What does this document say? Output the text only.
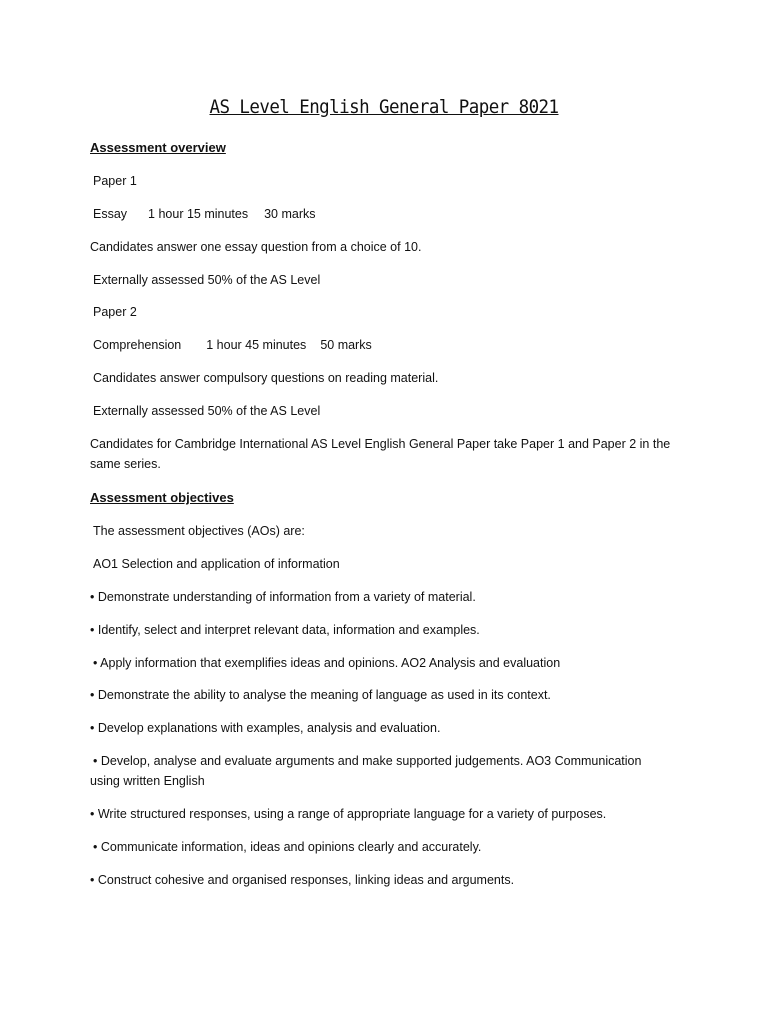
AS Level English General Paper 8021
Assessment overview
Paper 1
Essay 1 hour 15 minutes 30 marks
Candidates answer one essay question from a choice of 10.
Externally assessed 50% of the AS Level
Paper 2
Comprehension 1 hour 45 minutes 50 marks
Candidates answer compulsory questions on reading material.
Externally assessed 50% of the AS Level
Candidates for Cambridge International AS Level English General Paper take Paper 1 and Paper 2 in the same series.
Assessment objectives
The assessment objectives (AOs) are:
AO1 Selection and application of information
• Demonstrate understanding of information from a variety of material.
• Identify, select and interpret relevant data, information and examples.
• Apply information that exemplifies ideas and opinions. AO2 Analysis and evaluation
• Demonstrate the ability to analyse the meaning of language as used in its context.
• Develop explanations with examples, analysis and evaluation.
• Develop, analyse and evaluate arguments and make supported judgements. AO3 Communication using written English
• Write structured responses, using a range of appropriate language for a variety of purposes.
• Communicate information, ideas and opinions clearly and accurately.
• Construct cohesive and organised responses, linking ideas and arguments.
